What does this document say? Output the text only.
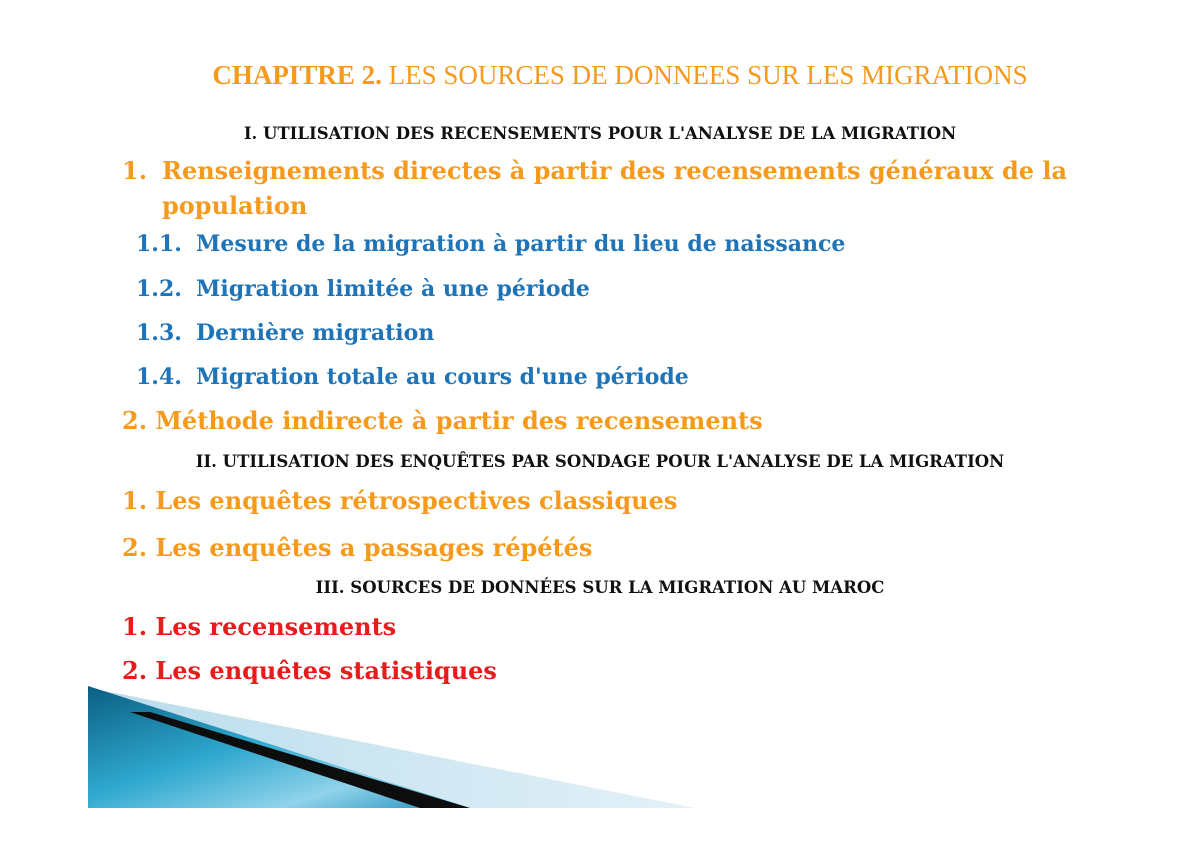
CHAPITRE 2. LES SOURCES DE DONNEES SUR LES MIGRATIONS
I. UTILISATION DES RECENSEMENTS POUR L'ANALYSE DE LA MIGRATION
1. Renseignements directes à partir des recensements généraux de la
population
1.1. Mesure de la migration à partir du lieu de naissance
1.2. Migration limitée à une période
1.3. Dernière migration
1.4. Migration totale au cours d'une période
2. Méthode indirecte à partir des recensements
II. UTILISATION DES ENQUÊTES PAR SONDAGE POUR L'ANALYSE DE LA MIGRATION
1. Les enquêtes rétrospectives classiques
2. Les enquêtes a passages répétés
III. SOURCES DE DONNÉES SUR LA MIGRATION AU MAROC
1. Les recensements
2. Les enquêtes statistiques
